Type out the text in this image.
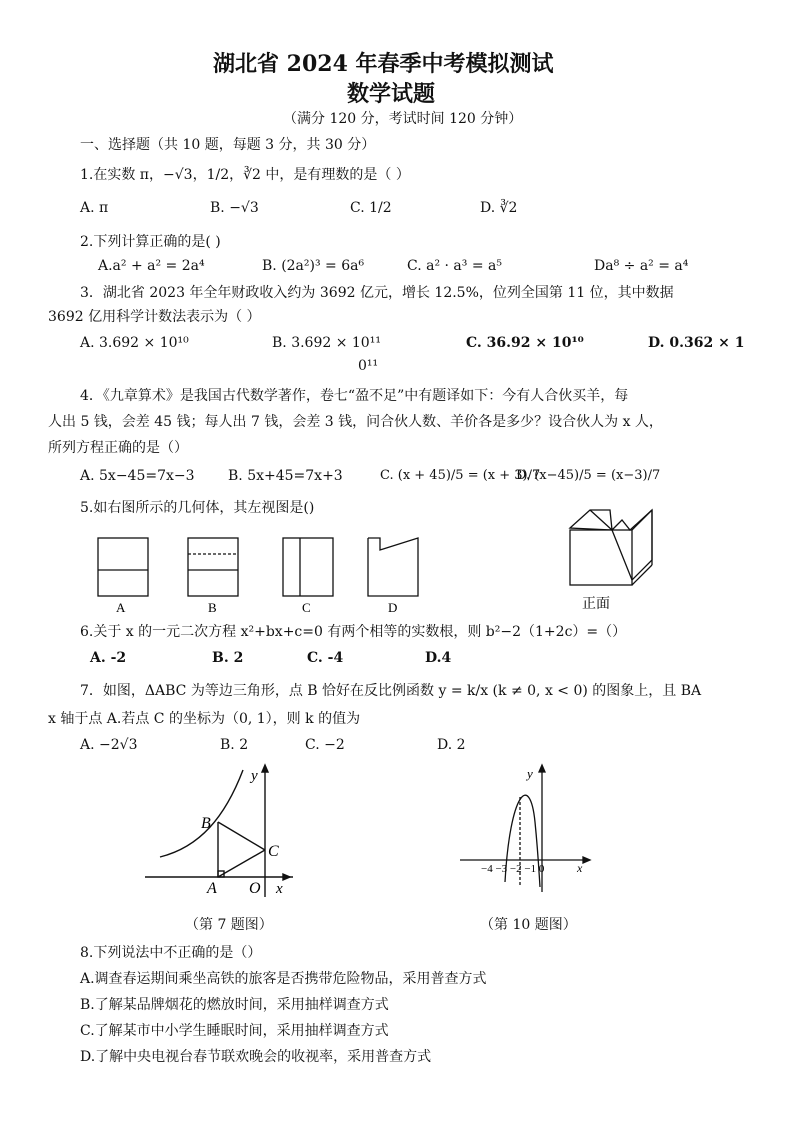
湖北省 2024 年春季中考模拟测试
数学试题
（满分 120 分，考试时间 120 分钟）
一、选择题（共 10 题，每题 3 分，共 30 分）
1.在实数 π，−√3，1/2，∛2 中，是有理数的是（ ）
A. π	B. −√3	C. 1/2	D. ∛2
2.下列计算正确的是( )
A.a² + a² = 2a⁴	B. (2a²)³ = 6a⁶	C. a² · a³ = a⁵	Da⁸ ÷ a² = a⁴
3．湖北省 2023 年全年财政收入约为 3692 亿元，增长 12.5%，位列全国第 11 位，其中数据
3692 亿用科学计数法表示为（ ）
A. 3.692 × 10¹⁰	B. 3.692 × 10¹¹	C. 36.92 × 10¹⁰	D. 0.362 × 1
0¹¹
4．《九章算术》是我国古代数学著作，卷七“盈不足”中有题译如下：今有人合伙买羊，每
人出 5 钱，会差 45 钱；每人出 7 钱，会差 3 钱，问合伙人数、羊价各是多少？设合伙人为 x 人，
所列方程正确的是（）
A. 5x−45=7x−3 B. 5x+45=7x+3	C. (x + 45)/5 = (x + 3)/7
D. (x−45)/5 = (x−3)/7
5.如右图所示的几何体，其左视图是()
A	B	C	D	正面
6.关于 x 的一元二次方程 x²+bx+c=0 有两个相等的实数根，则 b²−2（1+2c）=（）
A. -2	B. 2	C. -4	D.4
7．如图，ΔABC 为等边三角形，点 B 恰好在反比例函数 y = k/x (k ≠ 0, x < 0) 的图象上，且 BA
x 轴于点 A.若点 C 的坐标为（0, 1），则 k 的值为
A. −2√3	B. 2	C. −2	D. 2
y
B
C
A O x
（第 7 题图）
y
x
−4 −3 −2 −1 0
（第 10 题图）
8.下列说法中不正确的是（）
A.调查春运期间乘坐高铁的旅客是否携带危险物品，采用普查方式
B.了解某品牌烟花的燃放时间，采用抽样调查方式
C.了解某市中小学生睡眠时间，采用抽样调查方式
D.了解中央电视台春节联欢晚会的收视率，采用普查方式
